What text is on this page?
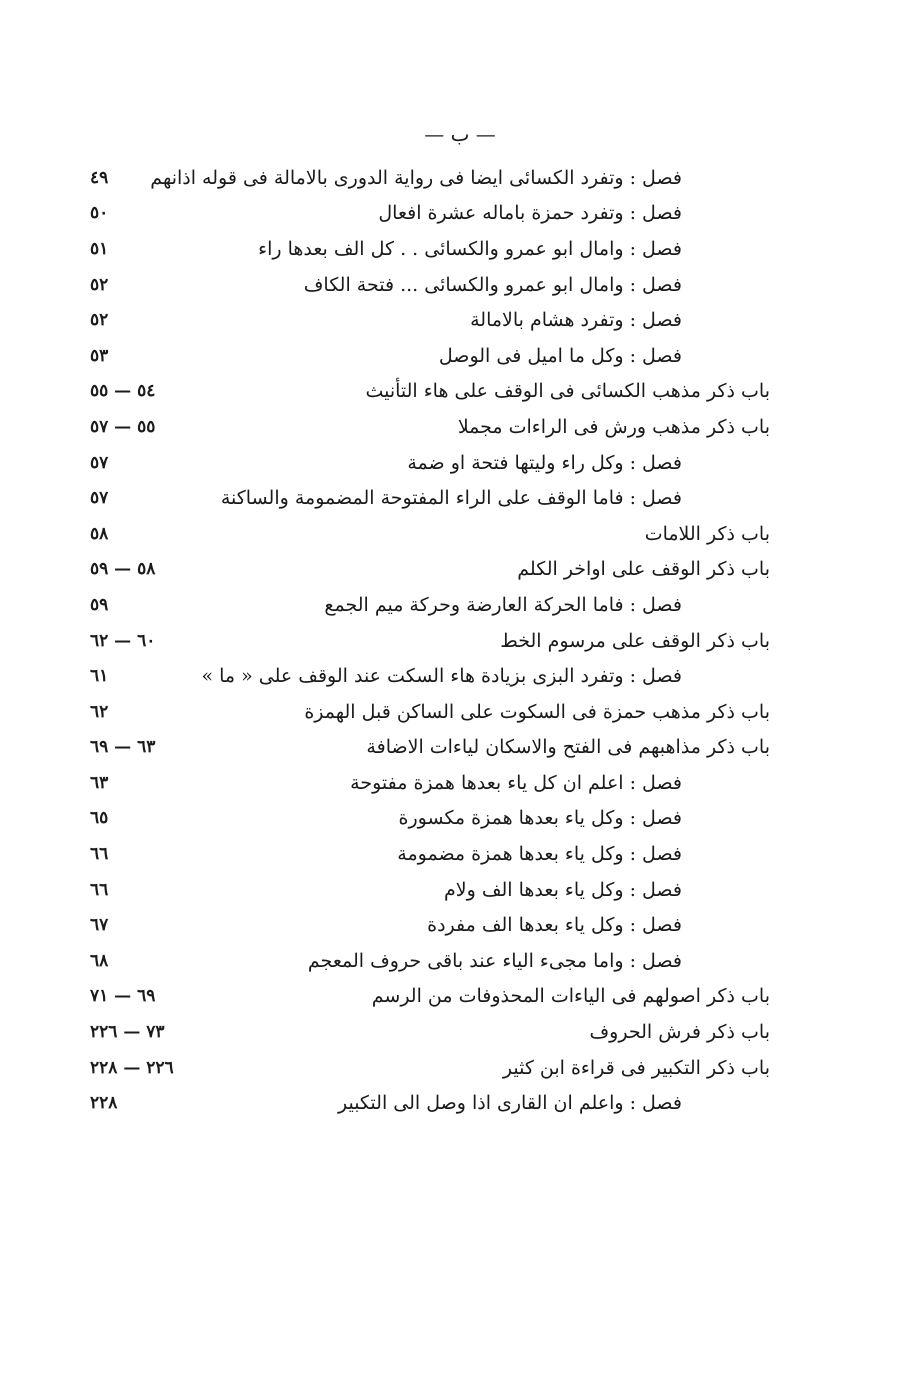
— ب —
فصل : وتفرد الكسائى ايضا فى رواية الدورى بالامالة فى قوله اذانهم
٤٩
فصل : وتفرد حمزة باماله عشرة افعال
٥٠
فصل : وامال ابو عمرو والكسائى . . كل الف بعدها راء
٥١
فصل : وامال ابو عمرو والكسائى ... فتحة الكاف
٥٢
فصل : وتفرد هشام بالامالة
٥٢
فصل : وكل ما اميل فى الوصل
٥٣
باب ذكر مذهب الكسائى فى الوقف على هاء التأنيث
٥٤ — ٥٥
باب ذكر مذهب ورش فى الراءات مجملا
٥٥ — ٥٧
فصل : وكل راء وليتها فتحة او ضمة
٥٧
فصل : فاما الوقف على الراء المفتوحة المضمومة والساكنة
٥٧
باب ذكر اللامات
٥٨
باب ذكر الوقف على اواخر الكلم
٥٨ — ٥٩
فصل : فاما الحركة العارضة وحركة ميم الجمع
٥٩
باب ذكر الوقف على مرسوم الخط
٦٠ — ٦٢
فصل : وتفرد البزى بزيادة هاء السكت عند الوقف على « ما »
٦١
باب ذكر مذهب حمزة فى السكوت على الساكن قبل الهمزة
٦٢
باب ذكر مذاهبهم فى الفتح والاسكان لياءات الاضافة
٦٣ — ٦٩
فصل : اعلم ان كل ياء بعدها همزة مفتوحة
٦٣
فصل : وكل ياء بعدها همزة مكسورة
٦٥
فصل : وكل ياء بعدها همزة مضمومة
٦٦
فصل : وكل ياء بعدها الف ولام
٦٦
فصل : وكل ياء بعدها الف مفردة
٦٧
فصل : واما مجىء الياء عند باقى حروف المعجم
٦٨
باب ذكر اصولهم فى الياءات المحذوفات من الرسم
٦٩ — ٧١
باب ذكر فرش الحروف
٧٣ — ٢٢٦
باب ذكر التكبير فى قراءة ابن كثير
٢٢٦ — ٢٢٨
فصل : واعلم ان القارى اذا وصل الى التكبير
٢٢٨
